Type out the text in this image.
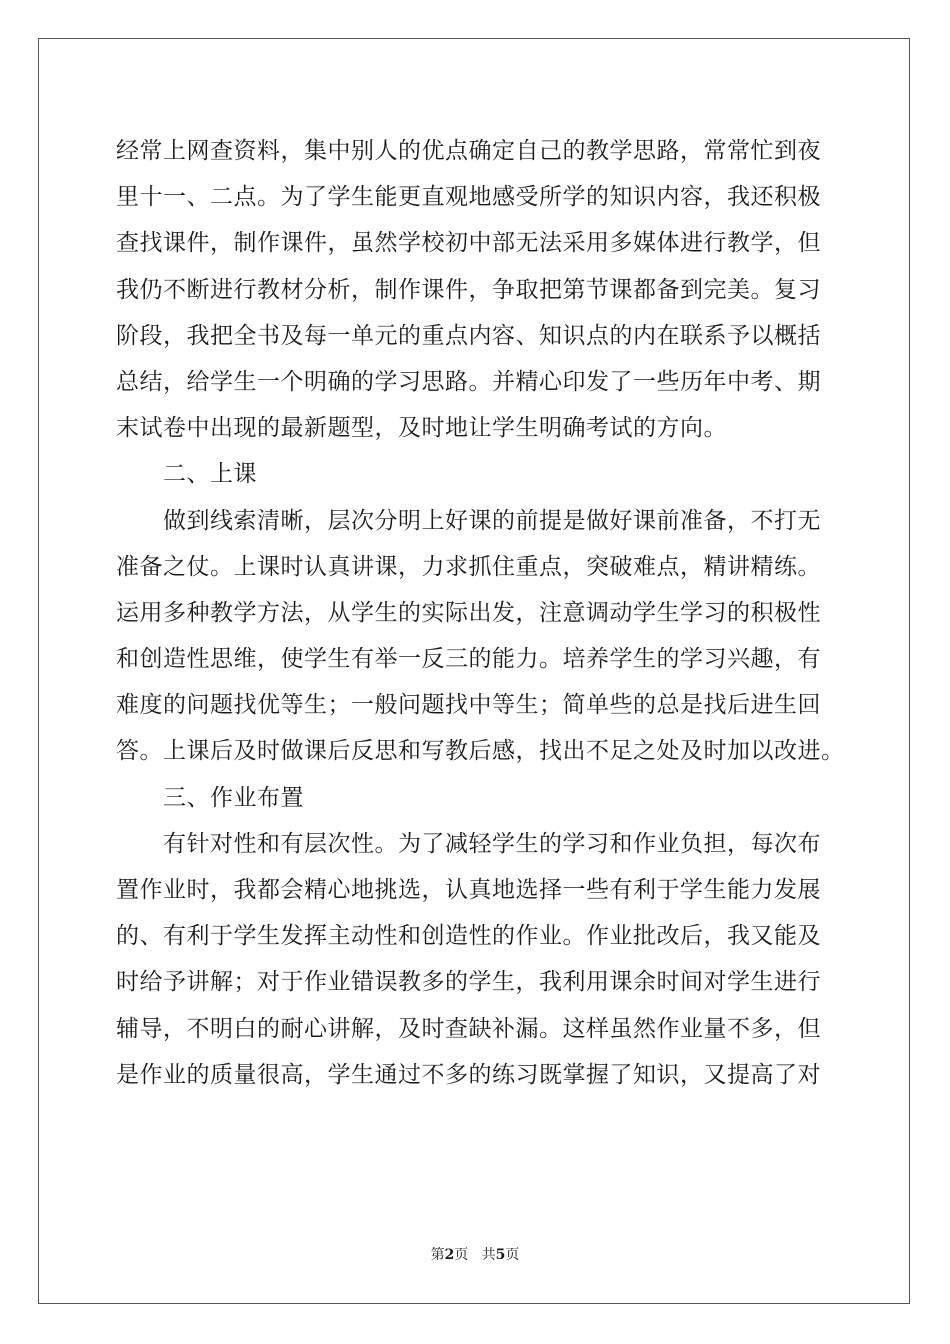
经常上网查资料，集中别人的优点确定自己的教学思路，常常忙到夜
里十一、二点。为了学生能更直观地感受所学的知识内容，我还积极
查找课件，制作课件，虽然学校初中部无法采用多媒体进行教学，但
我仍不断进行教材分析，制作课件，争取把第节课都备到完美。复习
阶段，我把全书及每一单元的重点内容、知识点的内在联系予以概括
总结，给学生一个明确的学习思路。并精心印发了一些历年中考、期
末试卷中出现的最新题型，及时地让学生明确考试的方向。
　　二、上课
　　做到线索清晰，层次分明上好课的前提是做好课前准备，不打无
准备之仗。上课时认真讲课，力求抓住重点，突破难点，精讲精练。
运用多种教学方法，从学生的实际出发，注意调动学生学习的积极性
和创造性思维，使学生有举一反三的能力。培养学生的学习兴趣，有
难度的问题找优等生；一般问题找中等生；简单些的总是找后进生回
答。上课后及时做课后反思和写教后感，找出不足之处及时加以改进。
　　三、作业布置
　　有针对性和有层次性。为了减轻学生的学习和作业负担，每次布
置作业时，我都会精心地挑选，认真地选择一些有利于学生能力发展
的、有利于学生发挥主动性和创造性的作业。作业批改后，我又能及
时给予讲解；对于作业错误教多的学生，我利用课余时间对学生进行
辅导，不明白的耐心讲解，及时查缺补漏。这样虽然作业量不多，但
是作业的质量很高，学生通过不多的练习既掌握了知识，又提高了对
第2页 共5页
